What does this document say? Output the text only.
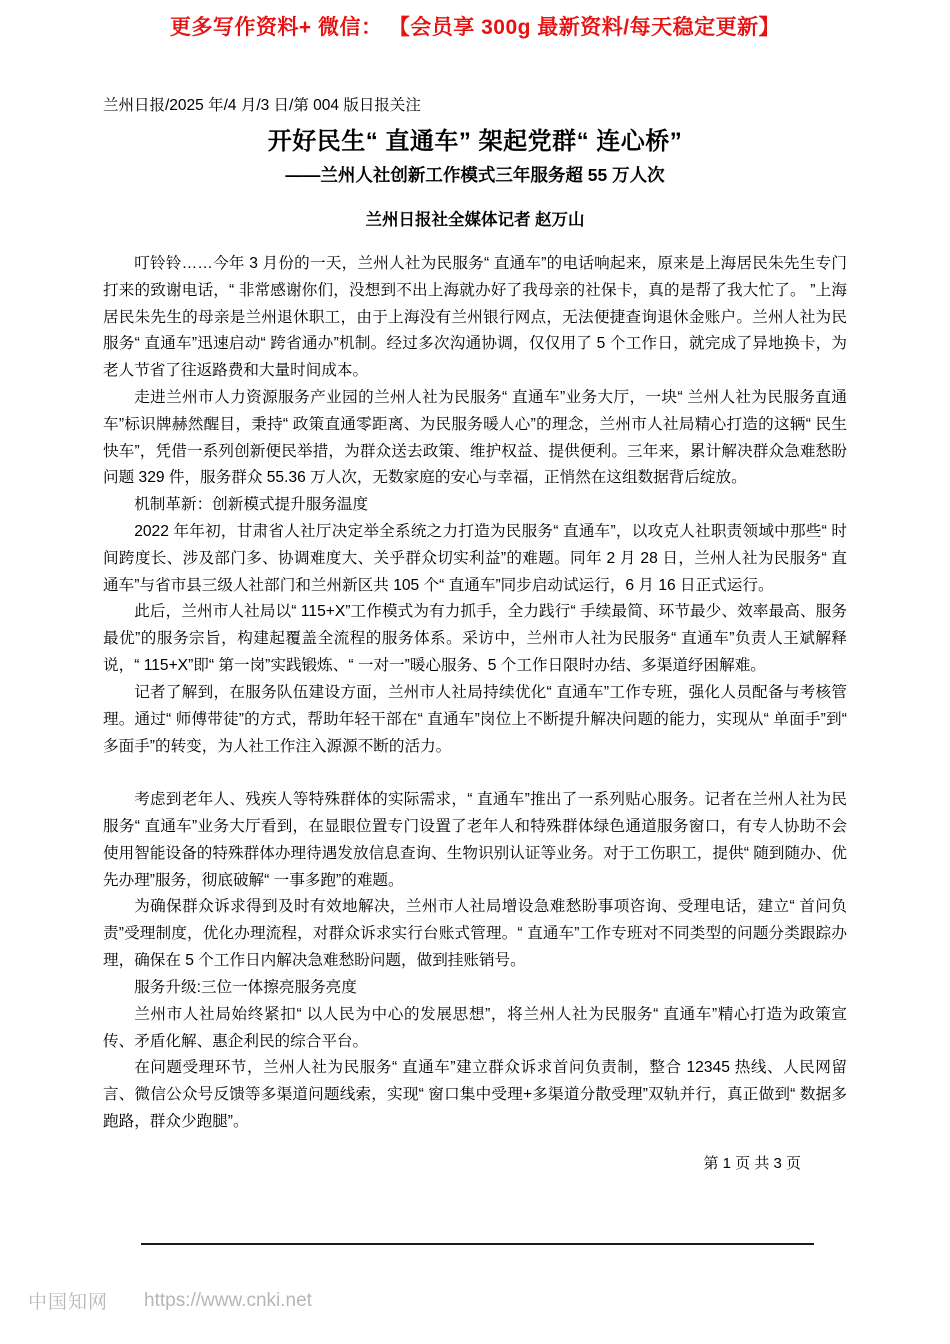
更多写作资料+ 微信： 【会员享 300g 最新资料/每天稳定更新】
兰州日报/2025 年/4 月/3 日/第 004 版日报关注
开好民生“ 直通车” 架起党群“ 连心桥”
——兰州人社创新工作模式三年服务超 55 万人次
兰州日报社全媒体记者 赵万山

叮铃铃……今年 3 月份的一天，兰州人社为民服务“ 直通车”的电话响起来，原来是上海居民朱先生专门打来的致谢电话，“ 非常感谢你们，没想到不出上海就办好了我母亲的社保卡，真的是帮了我大忙了。 ”上海居民朱先生的母亲是兰州退休职工，由于上海没有兰州银行网点，无法便捷查询退休金账户。兰州人社为民服务“ 直通车”迅速启动“ 跨省通办”机制。经过多次沟通协调，仅仅用了 5 个工作日，就完成了异地换卡，为老人节省了往返路费和大量时间成本。

走进兰州市人力资源服务产业园的兰州人社为民服务“ 直通车”业务大厅，一块“ 兰州人社为民服务直通车”标识牌赫然醒目，秉持“ 政策直通零距离、为民服务暖人心”的理念，兰州市人社局精心打造的这辆“ 民生快车”，凭借一系列创新便民举措，为群众送去政策、维护权益、提供便利。三年来，累计解决群众急难愁盼问题 329 件，服务群众 55.36 万人次，无数家庭的安心与幸福，正悄然在这组数据背后绽放。

机制革新：创新模式提升服务温度

2022 年年初，甘肃省人社厅决定举全系统之力打造为民服务“ 直通车”，以攻克人社职责领域中那些“ 时间跨度长、涉及部门多、协调难度大、关乎群众切实利益”的难题。同年 2 月 28 日，兰州人社为民服务“ 直通车”与省市县三级人社部门和兰州新区共 105 个“ 直通车”同步启动试运行，6 月 16 日正式运行。

此后，兰州市人社局以“ 115+X”工作模式为有力抓手，全力践行“ 手续最简、环节最少、效率最高、服务最优”的服务宗旨，构建起覆盖全流程的服务体系。采访中，兰州市人社为民服务“ 直通车”负责人王斌解释说，“ 115+X”即“ 第一岗”实践锻炼、“ 一对一”暖心服务、5 个工作日限时办结、多渠道纾困解难。

记者了解到，在服务队伍建设方面，兰州市人社局持续优化“ 直通车”工作专班，强化人员配备与考核管理。通过“ 师傅带徒”的方式，帮助年轻干部在“ 直通车”岗位上不断提升解决问题的能力，实现从“ 单面手”到“ 多面手”的转变，为人社工作注入源源不断的活力。

考虑到老年人、残疾人等特殊群体的实际需求，“ 直通车”推出了一系列贴心服务。记者在兰州人社为民服务“ 直通车”业务大厅看到，在显眼位置专门设置了老年人和特殊群体绿色通道服务窗口，有专人协助不会使用智能设备的特殊群体办理待遇发放信息查询、生物识别认证等业务。对于工伤职工，提供“ 随到随办、优先办理”服务，彻底破解“ 一事多跑”的难题。

为确保群众诉求得到及时有效地解决，兰州市人社局增设急难愁盼事项咨询、受理电话，建立“ 首问负责”受理制度，优化办理流程，对群众诉求实行台账式管理。“ 直通车”工作专班对不同类型的问题分类跟踪办理，确保在 5 个工作日内解决急难愁盼问题，做到挂账销号。

服务升级:三位一体擦亮服务亮度

兰州市人社局始终紧扣“ 以人民为中心的发展思想”，将兰州人社为民服务“ 直通车”精心打造为政策宣传、矛盾化解、惠企利民的综合平台。

在问题受理环节，兰州人社为民服务“ 直通车”建立群众诉求首问负责制，整合 12345 热线、人民网留言、微信公众号反馈等多渠道问题线索，实现“ 窗口集中受理+多渠道分散受理”双轨并行，真正做到“ 数据多跑路，群众少跑腿”。

第 1 页 共 3 页
中国知网 https://www.cnki.net
